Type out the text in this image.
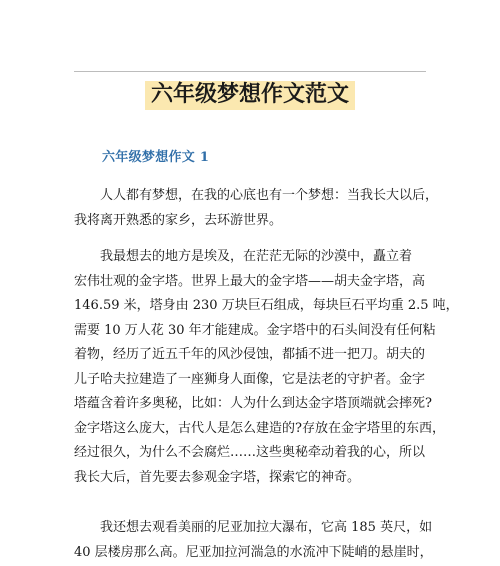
六年级梦想作文范文
六年级梦想作文 1

人人都有梦想，在我的心底也有一个梦想：当我长大以后，
我将离开熟悉的家乡，去环游世界。

我最想去的地方是埃及，在茫茫无际的沙漠中，矗立着
宏伟壮观的金字塔。世界上最大的金字塔——胡夫金字塔，高
146.59 米，塔身由 230 万块巨石组成，每块巨石平均重 2.5 吨，
需要 10 万人花 30 年才能建成。金字塔中的石头间没有任何粘
着物，经历了近五千年的风沙侵蚀，都插不进一把刀。胡夫的
儿子哈夫拉建造了一座狮身人面像，它是法老的守护者。金字
塔蕴含着许多奥秘，比如：人为什么到达金字塔顶端就会摔死?
金字塔这么庞大，古代人是怎么建造的?存放在金字塔里的东西，
经过很久，为什么不会腐烂……这些奥秘牵动着我的心，所以
我长大后，首先要去参观金字塔，探索它的神奇。

我还想去观看美丽的尼亚加拉大瀑布，它高 185 英尺，如
40 层楼房那么高。尼亚加拉河湍急的水流冲下陡峭的悬崖时，
